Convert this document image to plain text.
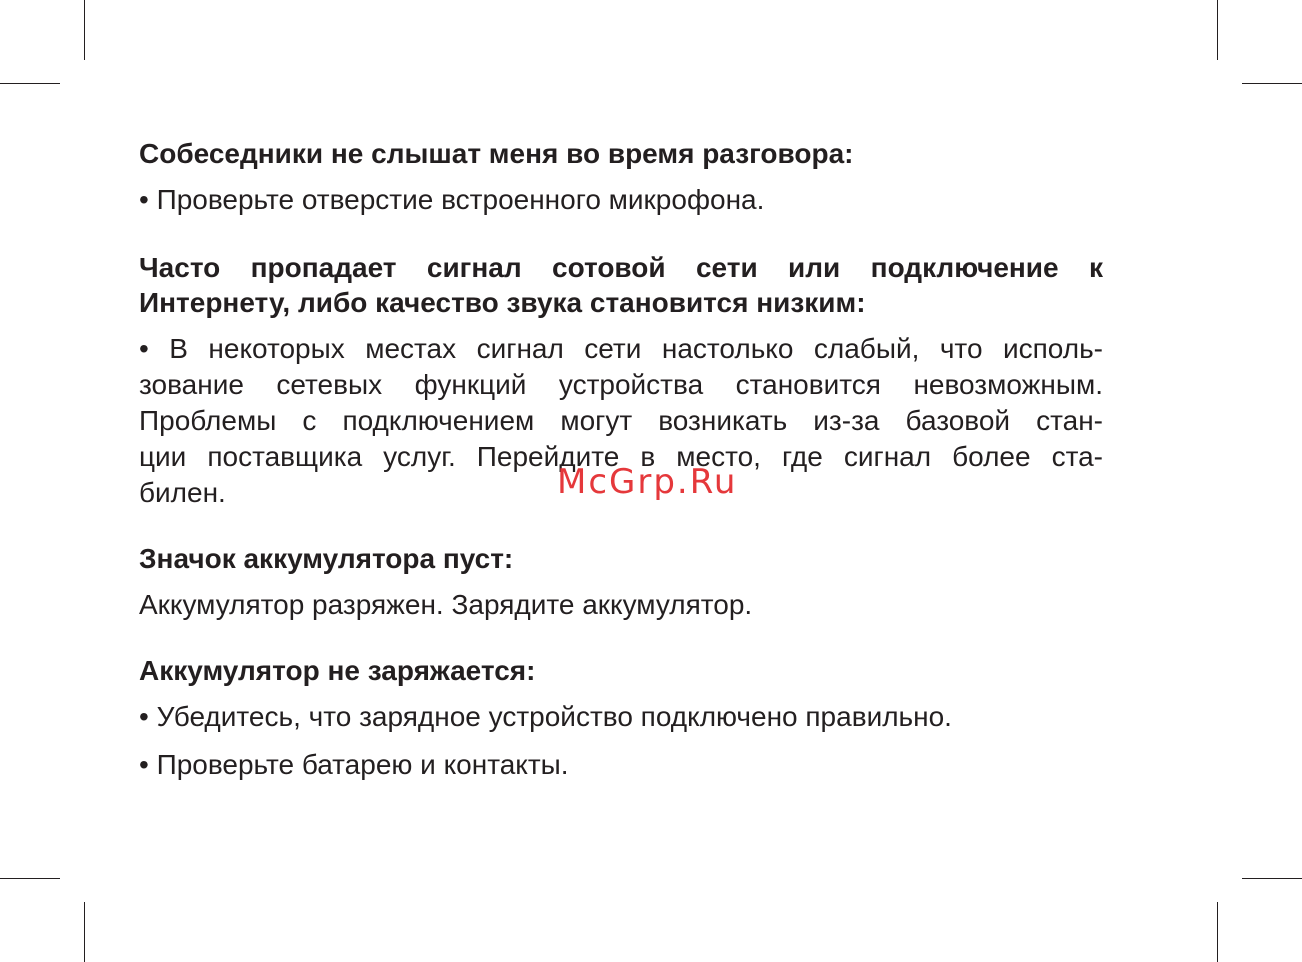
Собеседники не слышат меня во время разговора:

• Проверьте отверстие встроенного микрофона.

Часто пропадает сигнал сотовой сети или подключение к
Интернету, либо качество звука становится низким:

• В некоторых местах сигнал сети настолько слабый, что исполь-
зование сетевых функций устройства становится невозможным.
Проблемы с подключением могут возникать из-за базовой стан-
ции поставщика услуг. Перейдите в место, где сигнал более ста-
билен.

Значок аккумулятора пуст:

Аккумулятор разряжен. Зарядите аккумулятор.

Аккумулятор не заряжается:

• Убедитесь, что зарядное устройство подключено правильно.

• Проверьте батарею и контакты.

McGrp.Ru
